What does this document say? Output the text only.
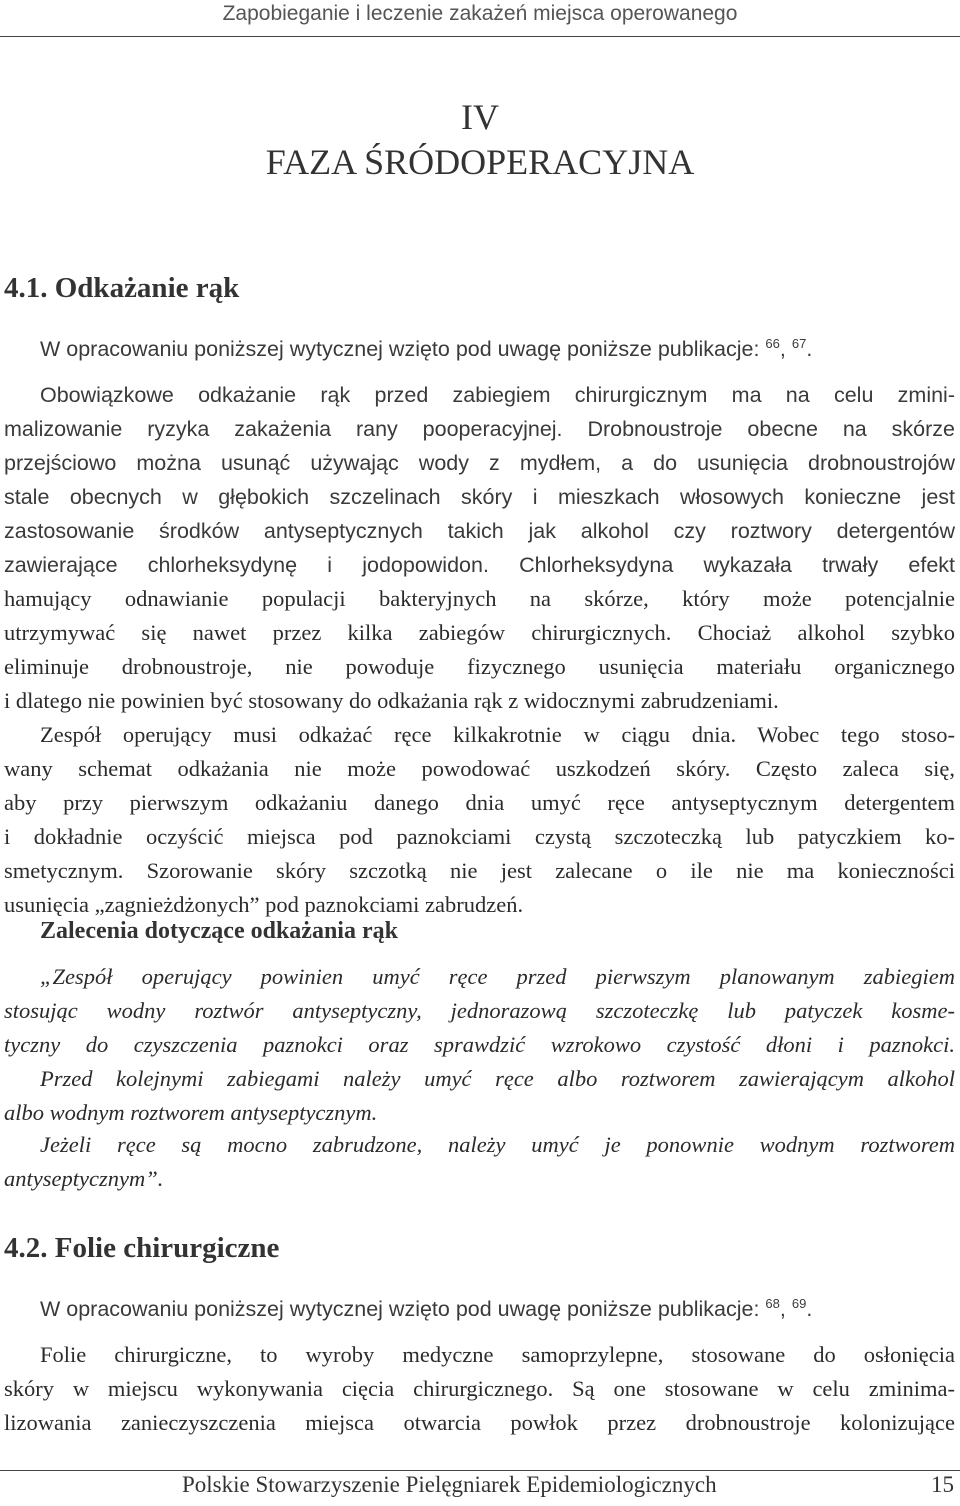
Zapobieganie i leczenie zakażeń miejsca operowanego
IV
FAZA ŚRÓDOPERACYJNA
4.1. Odkażanie rąk
W opracowaniu poniższej wytycznej wzięto pod uwagę poniższe publikacje: $^{66}$, $^{67}$.
Obowiązkowe odkażanie rąk przed zabiegiem chirurgicznym ma na celu zmini-
malizowanie ryzyka zakażenia rany pooperacyjnej. Drobnoustroje obecne na skórze
przejściowo można usunąć używając wody z mydłem, a do usunięcia drobnoustrojów
stale obecnych w głębokich szczelinach skóry i mieszkach włosowych konieczne jest
zastosowanie środków antyseptycznych takich jak alkohol czy roztwory detergentów
zawierające chlorheksydynę i jodopowidon. Chlorheksydyna wykazała trwały efekt
hamujący odnawianie populacji bakteryjnych na skórze, który może potencjalnie
utrzymywać się nawet przez kilka zabiegów chirurgicznych. Chociaż alkohol szybko
eliminuje drobnoustroje, nie powoduje fizycznego usunięcia materiału organicznego
i dlatego nie powinien być stosowany do odkażania rąk z widocznymi zabrudzeniami.
Zespół operujący musi odkażać ręce kilkakrotnie w ciągu dnia. Wobec tego stoso-
wany schemat odkażania nie może powodować uszkodzeń skóry. Często zaleca się,
aby przy pierwszym odkażaniu danego dnia umyć ręce antyseptycznym detergentem
i dokładnie oczyścić miejsca pod paznokciami czystą szczoteczką lub patyczkiem ko-
smetycznym. Szorowanie skóry szczotką nie jest zalecane o ile nie ma konieczności
usunięcia „zagnieżdżonych” pod paznokciami zabrudzeń.
Zalecenia dotyczące odkażania rąk
„Zespół operujący powinien umyć ręce przed pierwszym planowanym zabiegiem
stosując wodny roztwór antyseptyczny, jednorazową szczoteczkę lub patyczek kosme-
tyczny do czyszczenia paznokci oraz sprawdzić wzrokowo czystość dłoni i paznokci.
Przed kolejnymi zabiegami należy umyć ręce albo roztworem zawierającym alkohol
albo wodnym roztworem antyseptycznym.
Jeżeli ręce są mocno zabrudzone, należy umyć je ponownie wodnym roztworem
antyseptycznym”.
4.2. Folie chirurgiczne
W opracowaniu poniższej wytycznej wzięto pod uwagę poniższe publikacje: $^{68}$, $^{69}$.
Folie chirurgiczne, to wyroby medyczne samoprzylepne, stosowane do osłonięcia
skóry w miejscu wykonywania cięcia chirurgicznego. Są one stosowane w celu zminima-
lizowania zanieczyszczenia miejsca otwarcia powłok przez drobnoustroje kolonizujące
Polskie Stowarzyszenie Pielęgniarek Epidemiologicznych	15
